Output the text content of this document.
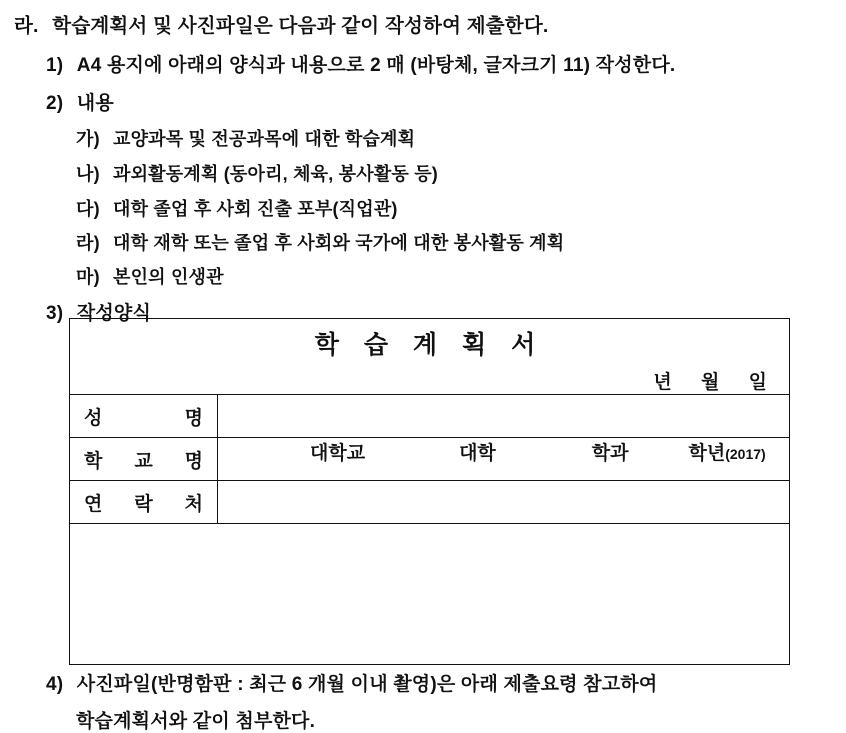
라. 학습계획서 및 사진파일은 다음과 같이 작성하여 제출한다.
1) A4 용지에 아래의 양식과 내용으로 2 매 (바탕체, 글자크기 11) 작성한다.
2) 내용
가) 교양과목 및 전공과목에 대한 학습계획
나) 과외활동계획 (동아리, 체육, 봉사활동 등)
다) 대학 졸업 후 사회 진출 포부(직업관)
라) 대학 재학 또는 졸업 후 사회와 국가에 대한 봉사활동 계획
마) 본인의 인생관
3) 작성양식
학 습 계 획 서
년 월 일	

성 명	

학 교 명	대학교 대학 학과 학년(2017)

연 락 처	

4) 사진파일(반명함판 : 최근 6 개월 이내 촬영)은 아래 제출요령 참고하여
학습계획서와 같이 첨부한다.
